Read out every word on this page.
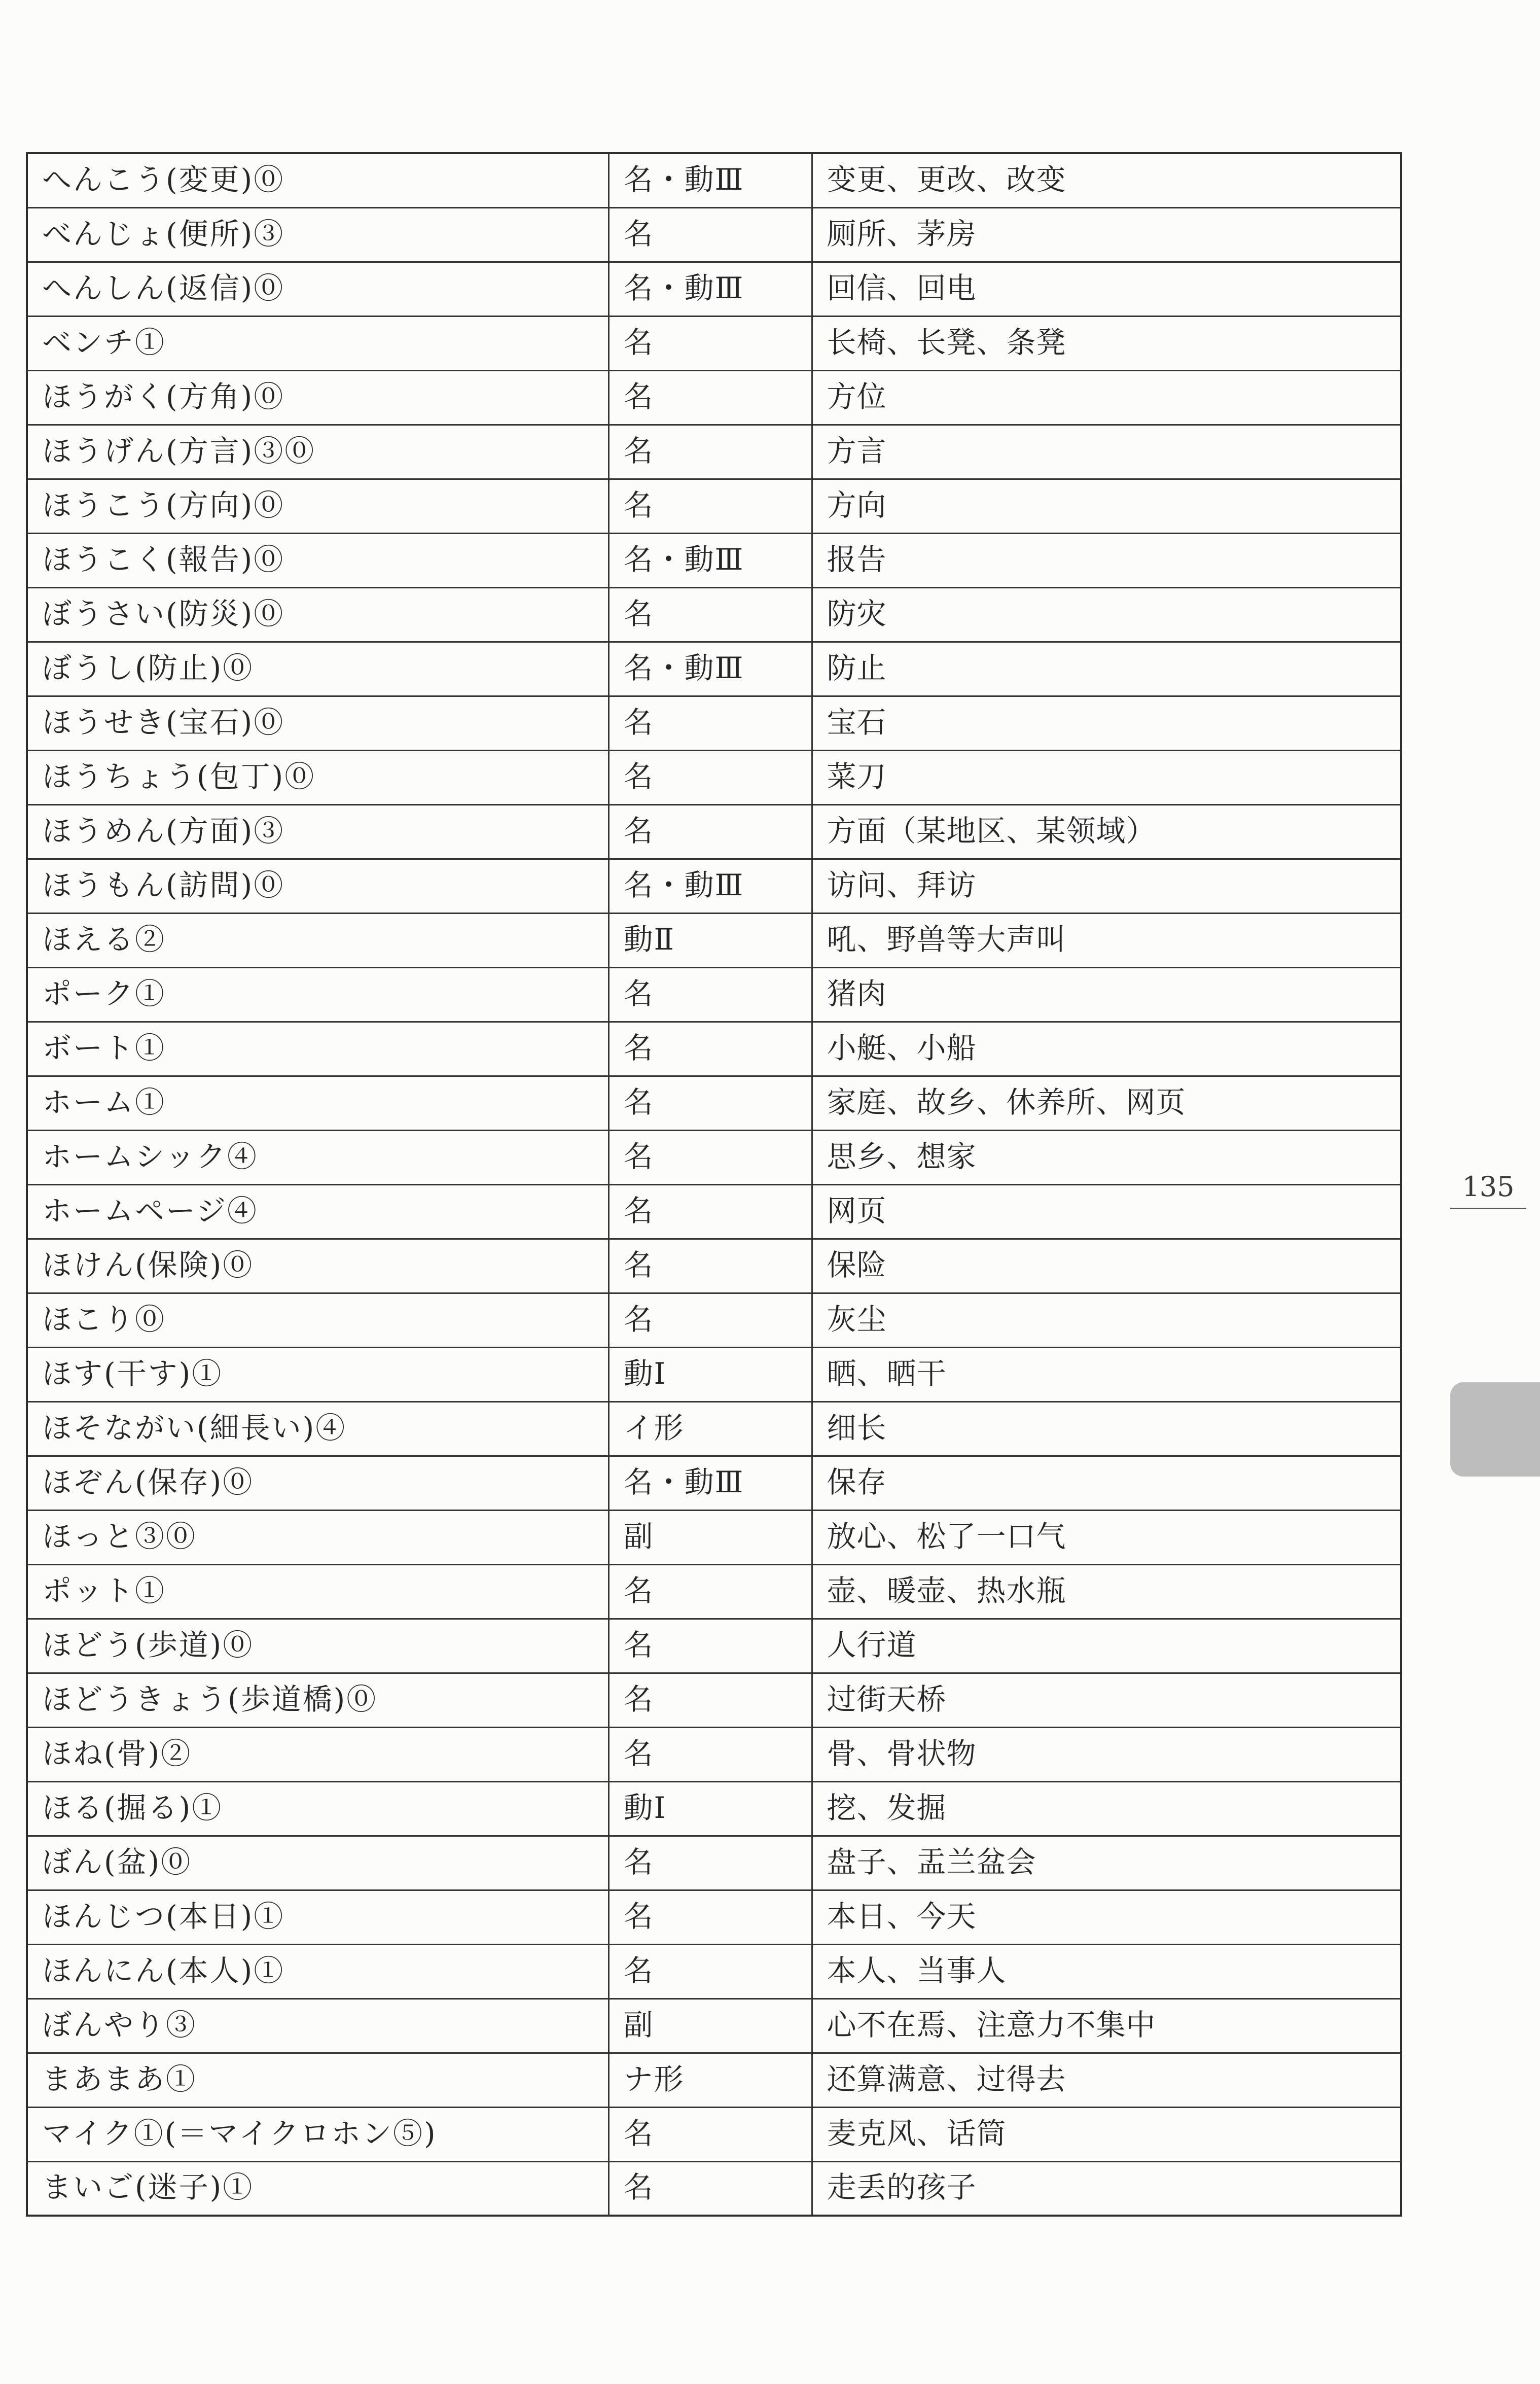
へんこう(変更)⓪	名・動Ⅲ	变更、更改、改变
べんじょ(便所)③	名	厕所、茅房
へんしん(返信)⓪	名・動Ⅲ	回信、回电
ベンチ①	名	长椅、长凳、条凳
ほうがく(方角)⓪	名	方位
ほうげん(方言)③⓪	名	方言
ほうこう(方向)⓪	名	方向
ほうこく(報告)⓪	名・動Ⅲ	报告
ぼうさい(防災)⓪	名	防灾
ぼうし(防止)⓪	名・動Ⅲ	防止
ほうせき(宝石)⓪	名	宝石
ほうちょう(包丁)⓪	名	菜刀
ほうめん(方面)③	名	方面（某地区、某领域）
ほうもん(訪問)⓪	名・動Ⅲ	访问、拜访
ほえる②	動Ⅱ	吼、野兽等大声叫
ポーク①	名	猪肉
ボート①	名	小艇、小船
ホーム①	名	家庭、故乡、休养所、网页
ホームシック④	名	思乡、想家
ホームページ④	名	网页
ほけん(保険)⓪	名	保险
ほこり⓪	名	灰尘
ほす(干す)①	動Ⅰ	晒、晒干
ほそながい(細長い)④	イ形	细长
ほぞん(保存)⓪	名・動Ⅲ	保存
ほっと③⓪	副	放心、松了一口气
ポット①	名	壶、暖壶、热水瓶
ほどう(歩道)⓪	名	人行道
ほどうきょう(歩道橋)⓪	名	过街天桥
ほね(骨)②	名	骨、骨状物
ほる(掘る)①	動Ⅰ	挖、发掘
ぼん(盆)⓪	名	盘子、盂兰盆会
ほんじつ(本日)①	名	本日、今天
ほんにん(本人)①	名	本人、当事人
ぼんやり③	副	心不在焉、注意力不集中
まあまあ①	ナ形	还算满意、过得去
マイク①(＝マイクロホン⑤)	名	麦克风、话筒
まいご(迷子)①	名	走丢的孩子
135
